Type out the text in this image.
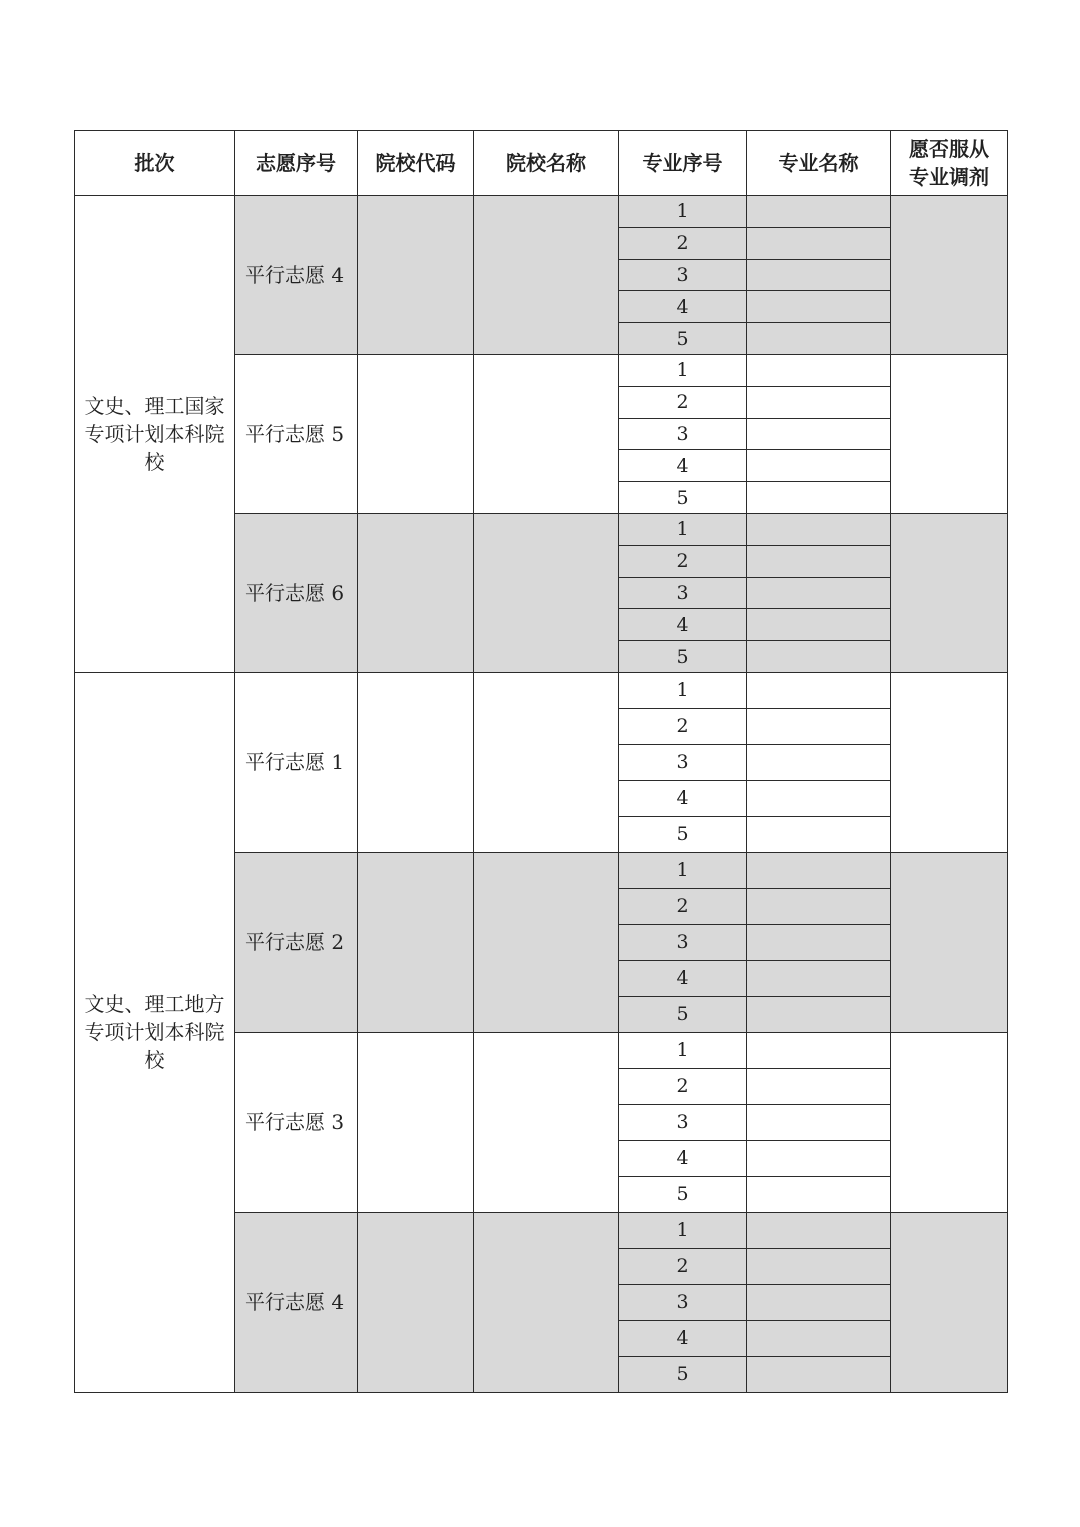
批次	志愿序号	院校代码	院校名称	专业序号	专业名称	愿否服从
专业调剂
文史、理工国家专项计划本科院校	平行志愿 4			1		
				2		
				3		
				4		
				5		
	平行志愿 5			1		
				2		
				3		
				4		
				5		
	平行志愿 6			1		
				2		
				3		
				4		
				5		
文史、理工地方专项计划本科院校	平行志愿 1			1		
				2		
				3		
				4		
				5		
	平行志愿 2			1		
				2		
				3		
				4		
				5		
	平行志愿 3			1		
				2		
				3		
				4		
				5		
	平行志愿 4			1		
				2		
				3		
				4		
				5		
